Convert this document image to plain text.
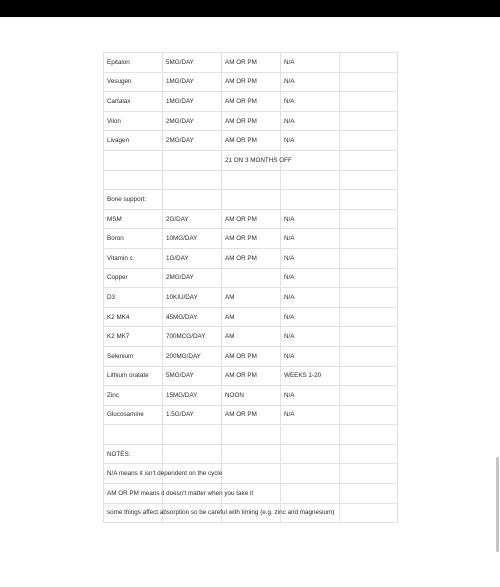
Epitalon	5MG/DAY	AM OR PM	N/A	
Vesugen	1MG/DAY	AM OR PM	N/A	
Cartalax	1MG/DAY	AM OR PM	N/A	
Vilon	2MG/DAY	AM OR PM	N/A	
Livagen	2MG/DAY	AM OR PM	N/A	
		21 ON 3 MONTHS OFF		

Bone support:				
MSM	2G/DAY	AM OR PM	N/A	
Boron	10MG/DAY	AM OR PM	N/A	
Vitamin c	1G/DAY	AM OR PM	N/A	
Copper	2MG/DAY		N/A	
D3	10KIU/DAY	AM	N/A	
K2 MK4	45MG/DAY	AM	N/A	
K2 MK7	700MCG/DAY	AM	N/A	
Selenium	200MG/DAY	AM OR PM	N/A	
Lithium oratate	5MG/DAY	AM OR PM	WEEKS 1-20	
Zinc	15MG/DAY	NOON	N/A	
Glucosamine	1.5G/DAY	AM OR PM	N/A	

NOTES:				
N/A means it isn't dependent on the cycle				
AM OR PM means it doesn't matter when you take it				
some things affect absorption so be careful with timing (e.g. zinc and magnesium)				
